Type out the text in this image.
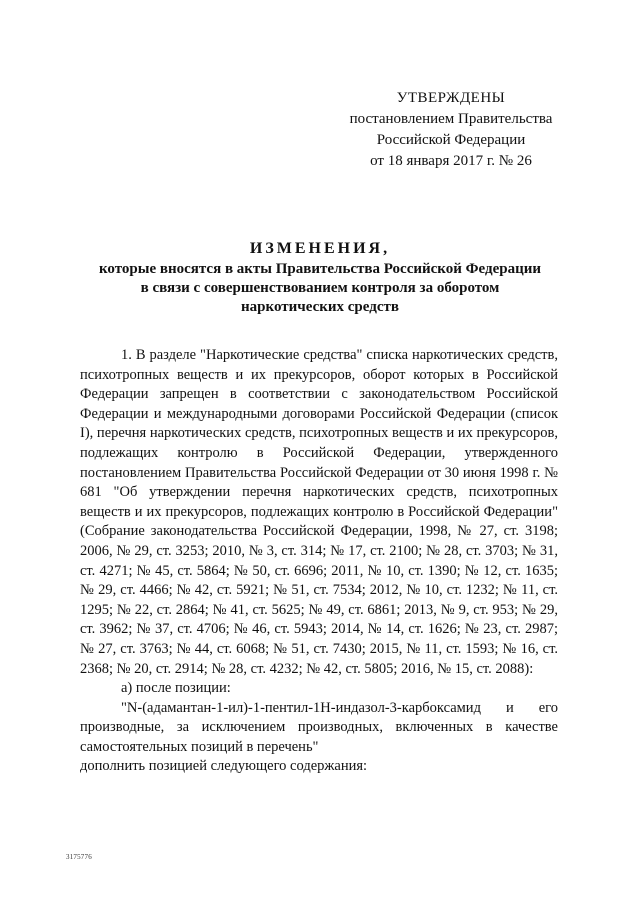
УТВЕРЖДЕНЫ
постановлением Правительства
Российской Федерации
от 18 января 2017 г. № 26
ИЗМЕНЕНИЯ,
которые вносятся в акты Правительства Российской Федерации
в связи с совершенствованием контроля за оборотом
наркотических средств

1. В разделе "Наркотические средства" списка наркотических средств, психотропных веществ и их прекурсоров, оборот которых в Российской Федерации запрещен в соответствии с законодательством Российской Федерации и международными договорами Российской Федерации (список I), перечня наркотических средств, психотропных веществ и их прекурсоров, подлежащих контролю в Российской Федерации, утвержденного постановлением Правительства Российской Федерации от 30 июня 1998 г. № 681 "Об утверждении перечня наркотических средств, психотропных веществ и их прекурсоров, подлежащих контролю в Российской Федерации" (Собрание законодательства Российской Федерации, 1998, № 27, ст. 3198; 2006, № 29, ст. 3253; 2010, № 3, ст. 314; № 17, ст. 2100; № 28, ст. 3703; № 31, ст. 4271; № 45, ст. 5864; № 50, ст. 6696; 2011, № 10, ст. 1390; № 12, ст. 1635; № 29, ст. 4466; № 42, ст. 5921; № 51, ст. 7534; 2012, № 10, ст. 1232; № 11, ст. 1295; № 22, ст. 2864; № 41, ст. 5625; № 49, ст. 6861; 2013, № 9, ст. 953; № 29, ст. 3962; № 37, ст. 4706; № 46, ст. 5943; 2014, № 14, ст. 1626; № 23, ст. 2987; № 27, ст. 3763; № 44, ст. 6068; № 51, ст. 7430; 2015, № 11, ст. 1593; № 16, ст. 2368; № 20, ст. 2914; № 28, ст. 4232; № 42, ст. 5805; 2016, № 15, ст. 2088):

а) после позиции:

"N-(адамантан-1-ил)-1-пентил-1H-индазол-3-карбоксамид и его производные, за исключением производных, включенных в качестве самостоятельных позиций в перечень"

дополнить позицией следующего содержания:

3175776
